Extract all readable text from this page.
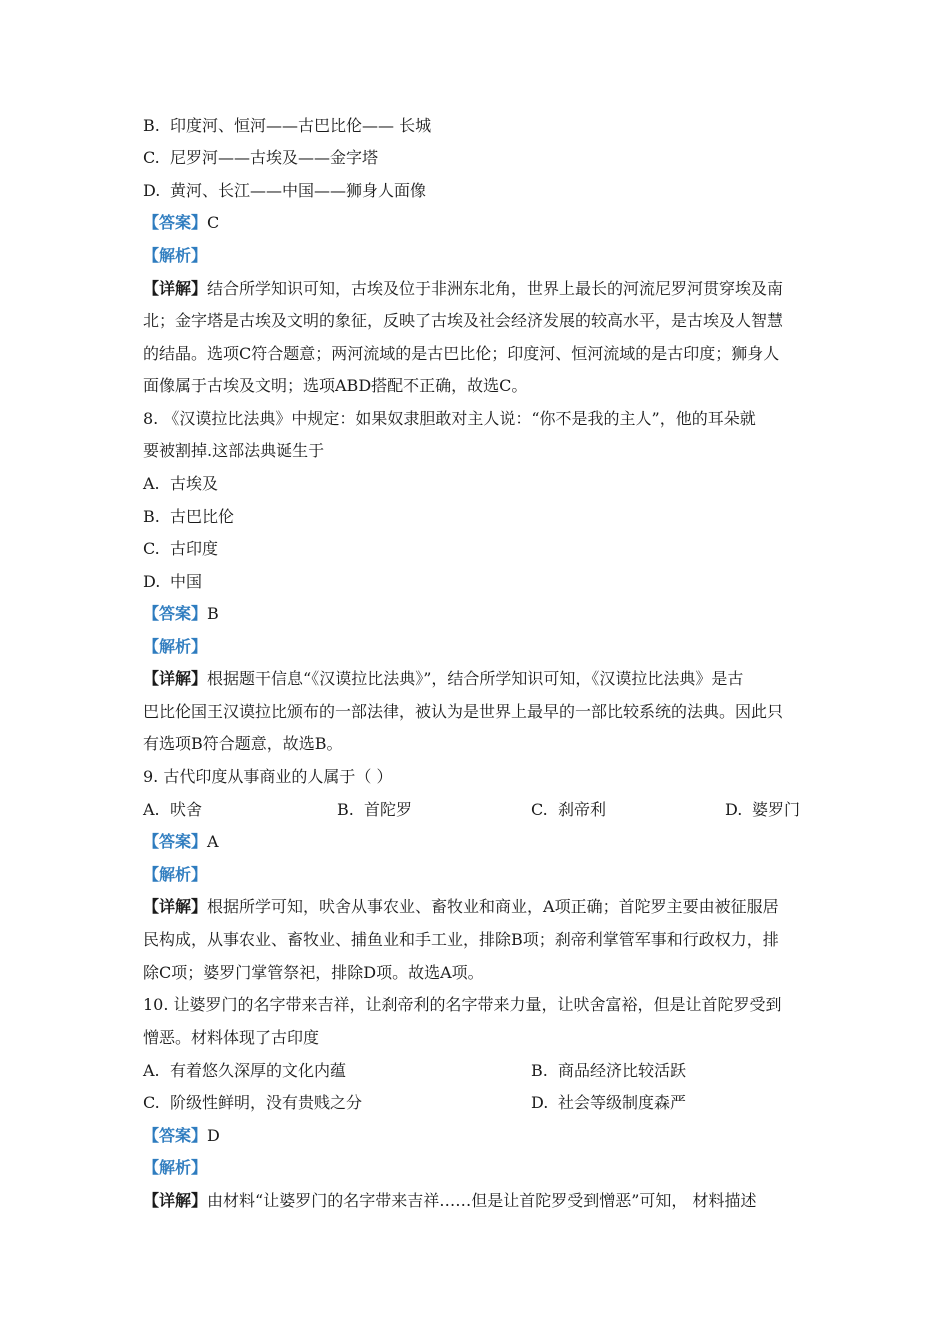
B. 印度河、恒河——古巴比伦—— 长城
C. 尼罗河——古埃及——金字塔
D. 黄河、长江——中国——狮身人面像
【答案】C
【解析】
【详解】结合所学知识可知，古埃及位于非洲东北角，世界上最长的河流尼罗河贯穿埃及南
北；金字塔是古埃及文明的象征，反映了古埃及社会经济发展的较高水平，是古埃及人智慧
的结晶。选项C符合题意；两河流域的是古巴比伦；印度河、恒河流域的是古印度；狮身人
面像属于古埃及文明；选项ABD搭配不正确，故选C。
8. 《汉谟拉比法典》中规定：如果奴隶胆敢对主人说：“你不是我的主人”，他的耳朵就
要被割掉.这部法典诞生于
A. 古埃及
B. 古巴比伦
C. 古印度
D. 中国
【答案】B
【解析】
【详解】根据题干信息“《汉谟拉比法典》”，结合所学知识可知，《汉谟拉比法典》是古
巴比伦国王汉谟拉比颁布的一部法律，被认为是世界上最早的一部比较系统的法典。因此只
有选项B符合题意，故选B。
9. 古代印度从事商业的人属于（ ）
A. 吠舍	B. 首陀罗	C. 刹帝利	D. 婆罗门
【答案】A
【解析】
【详解】根据所学可知，吠舍从事农业、畜牧业和商业，A项正确；首陀罗主要由被征服居
民构成，从事农业、畜牧业、捕鱼业和手工业，排除B项；刹帝利掌管军事和行政权力，排
除C项；婆罗门掌管祭祀，排除D项。故选A项。
10. 让婆罗门的名字带来吉祥，让刹帝利的名字带来力量，让吠舍富裕，但是让首陀罗受到
憎恶。材料体现了古印度
A. 有着悠久深厚的文化内蕴	B. 商品经济比较活跃
C. 阶级性鲜明，没有贵贱之分	D. 社会等级制度森严
【答案】D
【解析】
【详解】由材料“让婆罗门的名字带来吉祥……但是让首陀罗受到憎恶”可知， 材料描述
